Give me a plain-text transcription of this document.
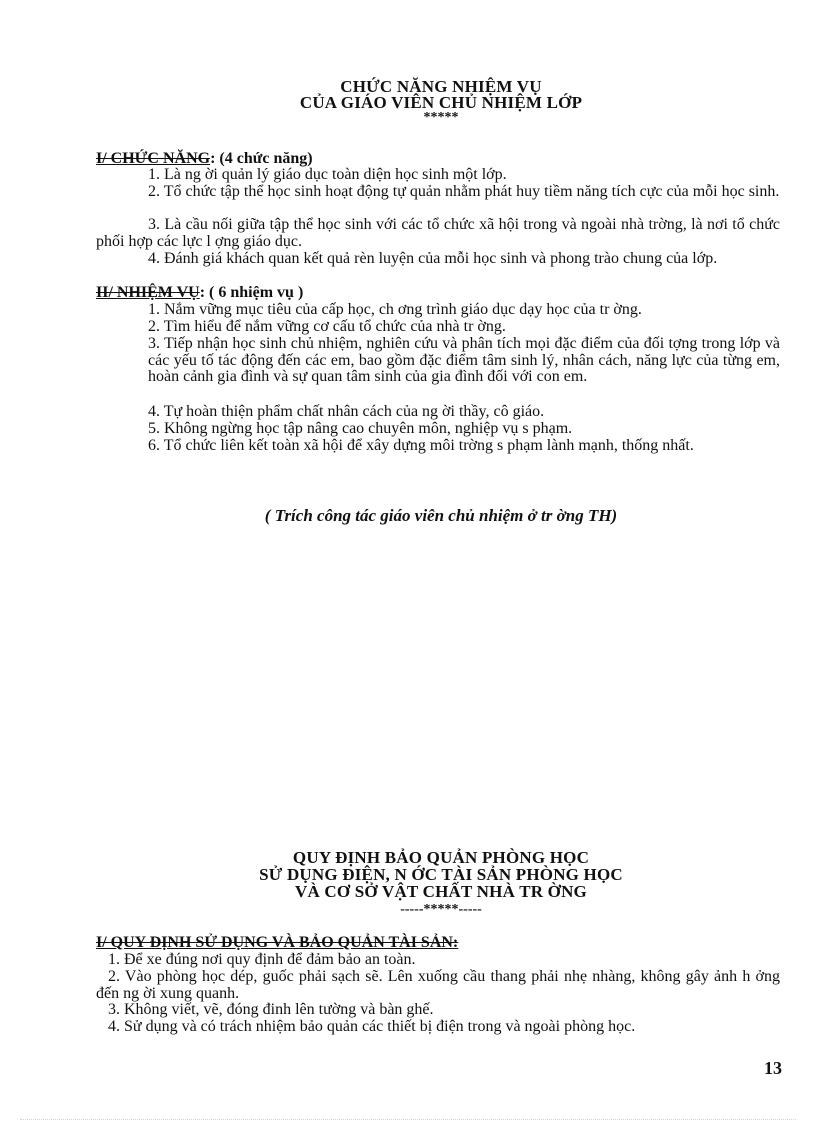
CHỨC NĂNG NHIỆM VỤ
CỦA GIÁO VIÊN CHỦ NHIỆM LỚP
*****
I/ CHỨC NĂNG: (4 chức năng)
1. Là ng ời quản lý giáo dục toàn diện học sinh một lớp.
2. Tổ chức tập thể học sinh hoạt động tự quản nhằm phát huy tiềm năng tích cực của mỗi học sinh.
3. Là cầu nối giữa tập thể học sinh với các tổ chức xã hội trong và ngoài nhà trờng, là nơi tổ chức phối hợp các lực l ợng giáo dục.
4. Đánh giá khách quan kết quả rèn luyện của mỗi học sinh và phong trào chung của lớp.
II/ NHIỆM VỤ: ( 6 nhiệm vụ )
1. Nắm vững mục tiêu của cấp học, ch ơng trình giáo dục dạy học của tr ờng.
2. Tìm hiểu để nắm vững cơ cấu tổ chức của nhà tr ờng.
3. Tiếp nhận học sinh chủ nhiệm, nghiên cứu và phân tích mọi đặc điểm của đối tợng trong lớp và các yếu tố tác động đến các em, bao gồm đặc điểm tâm sinh lý, nhân cách, năng lực của từng em, hoàn cảnh gia đình và sự quan tâm sinh của gia đình đối với con em.
4. Tự hoàn thiện phẩm chất nhân cách của ng ời thầy, cô giáo.
5. Không ngừng học tập nâng cao chuyên môn, nghiệp vụ s phạm.
6. Tổ chức liên kết toàn xã hội để xây dựng môi trờng s phạm lành mạnh, thống nhất.
( Trích công tác giáo viên chủ nhiệm ở tr ờng TH)
QUY ĐỊNH BẢO QUẢN PHÒNG HỌC
SỬ DỤNG ĐIỆN, N ỚC TÀI SẢN PHÒNG HỌC
VÀ CƠ SỞ VẬT CHẤT NHÀ TR ỜNG
-----*****-----
I/ QUY ĐỊNH SỬ DỤNG VÀ BẢO QUẢN TÀI SẢN:
1. Để xe đúng nơi quy định để đảm bảo an toàn.
2. Vào phòng học dép, guốc phải sạch sẽ. Lên xuống cầu thang phải nhẹ nhàng, không gây ảnh h ởng đến ng ời xung quanh.
3. Không viết, vẽ, đóng đinh lên tường và bàn ghế.
4. Sử dụng và có trách nhiệm bảo quản các thiết bị điện trong và ngoài phòng học.
13
